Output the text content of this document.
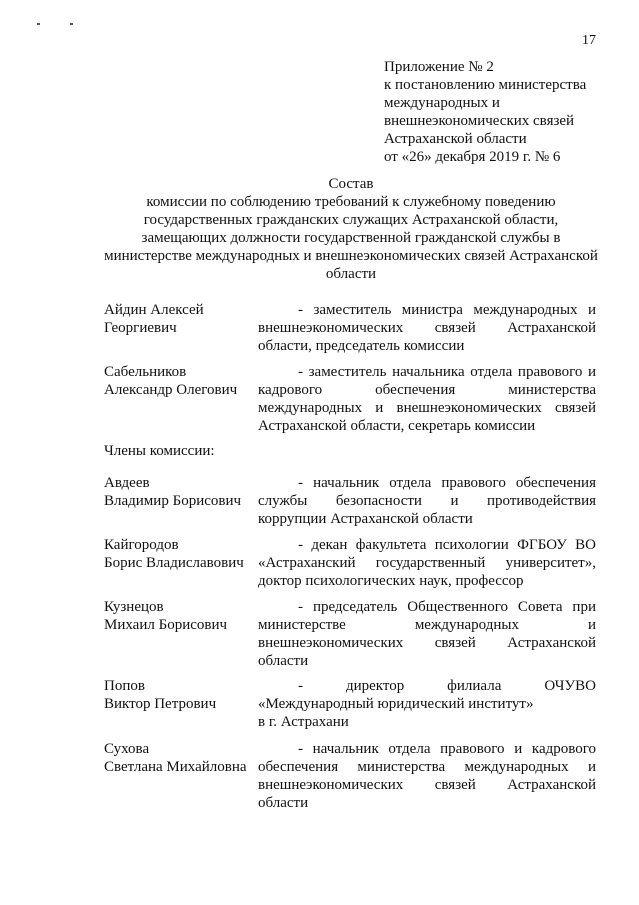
17
Приложение № 2
к постановлению министерства
международных и
внешнеэкономических связей
Астраханской области
от «26» декабря 2019 г. № 6
Состав
комиссии по соблюдению требований к служебному поведению
государственных гражданских служащих Астраханской области,
замещающих должности государственной гражданской службы в
министерстве международных и внешнеэкономических связей Астраханской
области
Айдин Алексей
Георгиевич
- заместитель министра международных и
внешнеэкономических связей Астраханской
области, председатель комиссии
Сабельников
Александр Олегович
- заместитель начальника отдела правового и
кадрового обеспечения министерства
международных и внешнеэкономических связей
Астраханской области, секретарь комиссии
Члены комиссии:
Авдеев
Владимир Борисович
- начальник отдела правового обеспечения
службы безопасности и противодействия
коррупции Астраханской области
Кайгородов
Борис Владиславович
- декан факультета психологии ФГБОУ ВО
«Астраханский государственный университет»,
доктор психологических наук, профессор
Кузнецов
Михаил Борисович
- председатель Общественного Совета при
министерстве международных и
внешнеэкономических связей Астраханской
области
Попов
Виктор Петрович
- директор филиала ОЧУВО
«Международный юридический институт»
в г. Астрахани
Сухова
Светлана Михайловна
- начальник отдела правового и кадрового
обеспечения министерства международных и
внешнеэкономических связей Астраханской
области
